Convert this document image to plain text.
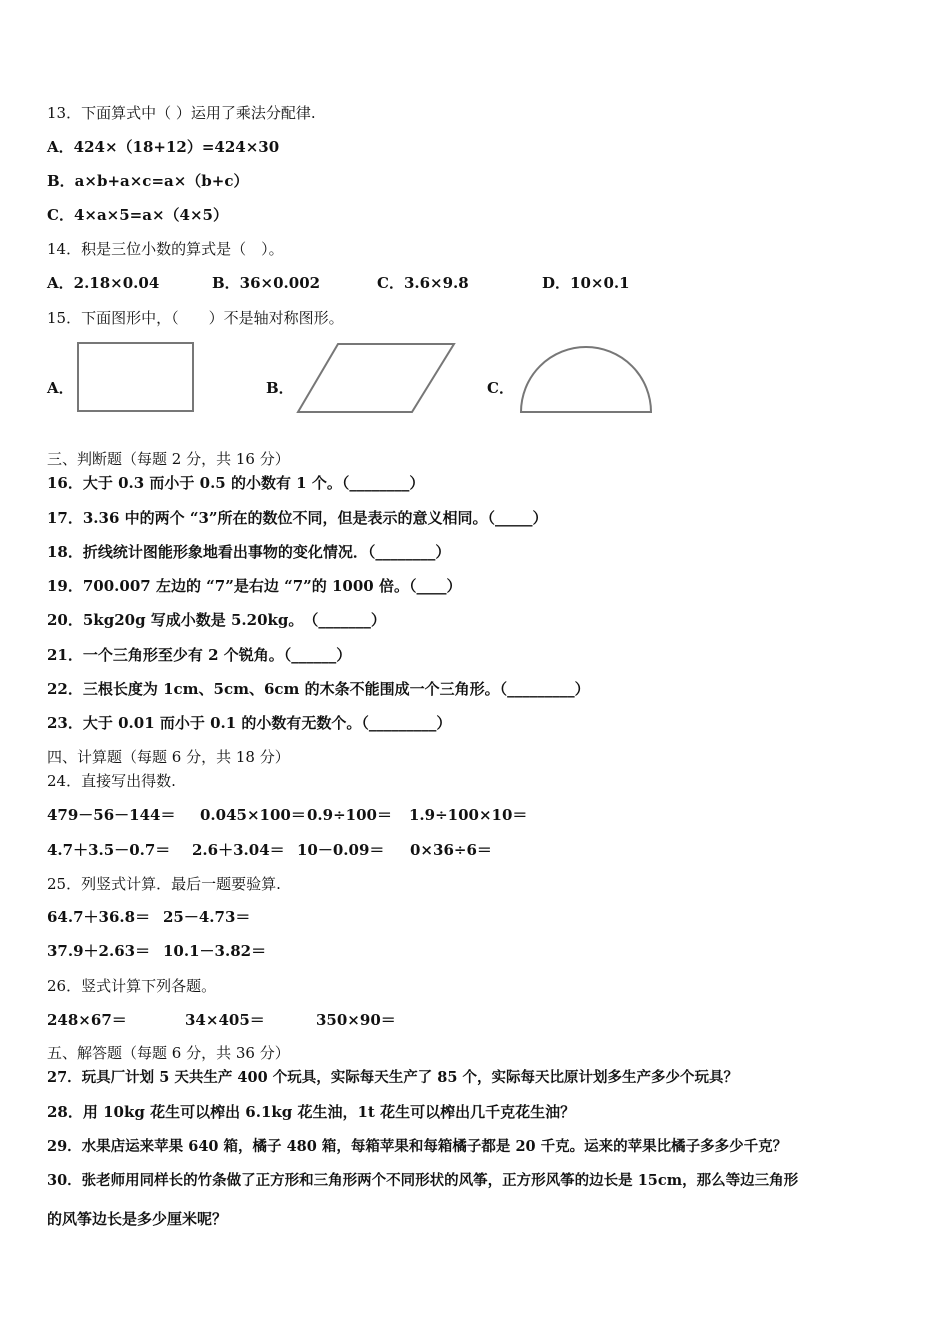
13．下面算式中（ ）运用了乘法分配律.
A．424×（18+12）=424×30
B．a×b+a×c=a×（b+c）
C．4×a×5=a×（4×5）
14．积是三位小数的算式是（　）。
A．2.18×0.04	B．36×0.002	C．3.6×9.8	D．10×0.1
15．下面图形中，（　　）不是轴对称图形。
A．	B．	C．
三、判断题（每题 2 分，共 16 分）
16．大于 0.3 而小于 0.5 的小数有 1 个。（________）
17．3.36 中的两个 “3”所在的数位不同，但是表示的意义相同。（_____）
18．折线统计图能形象地看出事物的变化情况．（________）
19．700.007 左边的 “7”是右边 “7”的 1000 倍。（____）
20．5kg20g 写成小数是 5.20kg。　（_______）
21．一个三角形至少有 2 个锐角。（______）
22．三根长度为 1cm、5cm、6cm 的木条不能围成一个三角形。（_________）
23．大于 0.01 而小于 0.1 的小数有无数个。（_________）
四、计算题（每题 6 分，共 18 分）
24．直接写出得数.
479－56－144＝ 0.045×100＝ 0.9÷100＝ 1.9÷100×10＝
4.7＋3.5－0.7＝ 2.6＋3.04＝ 10－0.09＝ 0×36÷6＝
25．列竖式计算．最后一题要验算.
64.7＋36.8＝ 25－4.73＝
37.9＋2.63＝ 10.1－3.82＝
26．竖式计算下列各题。
248×67＝	34×405＝	350×90＝
五、解答题（每题 6 分，共 36 分）
27．玩具厂计划 5 天共生产 400 个玩具，实际每天生产了 85 个，实际每天比原计划多生产多少个玩具？
28．用 10kg 花生可以榨出 6.1kg 花生油，1t 花生可以榨出几千克花生油？
29．水果店运来苹果 640 箱，橘子 480 箱，每箱苹果和每箱橘子都是 20 千克。运来的苹果比橘子多多少千克？
30．张老师用同样长的竹条做了正方形和三角形两个不同形状的风筝，正方形风筝的边长是 15cm，那么等边三角形
的风筝边长是多少厘米呢？
